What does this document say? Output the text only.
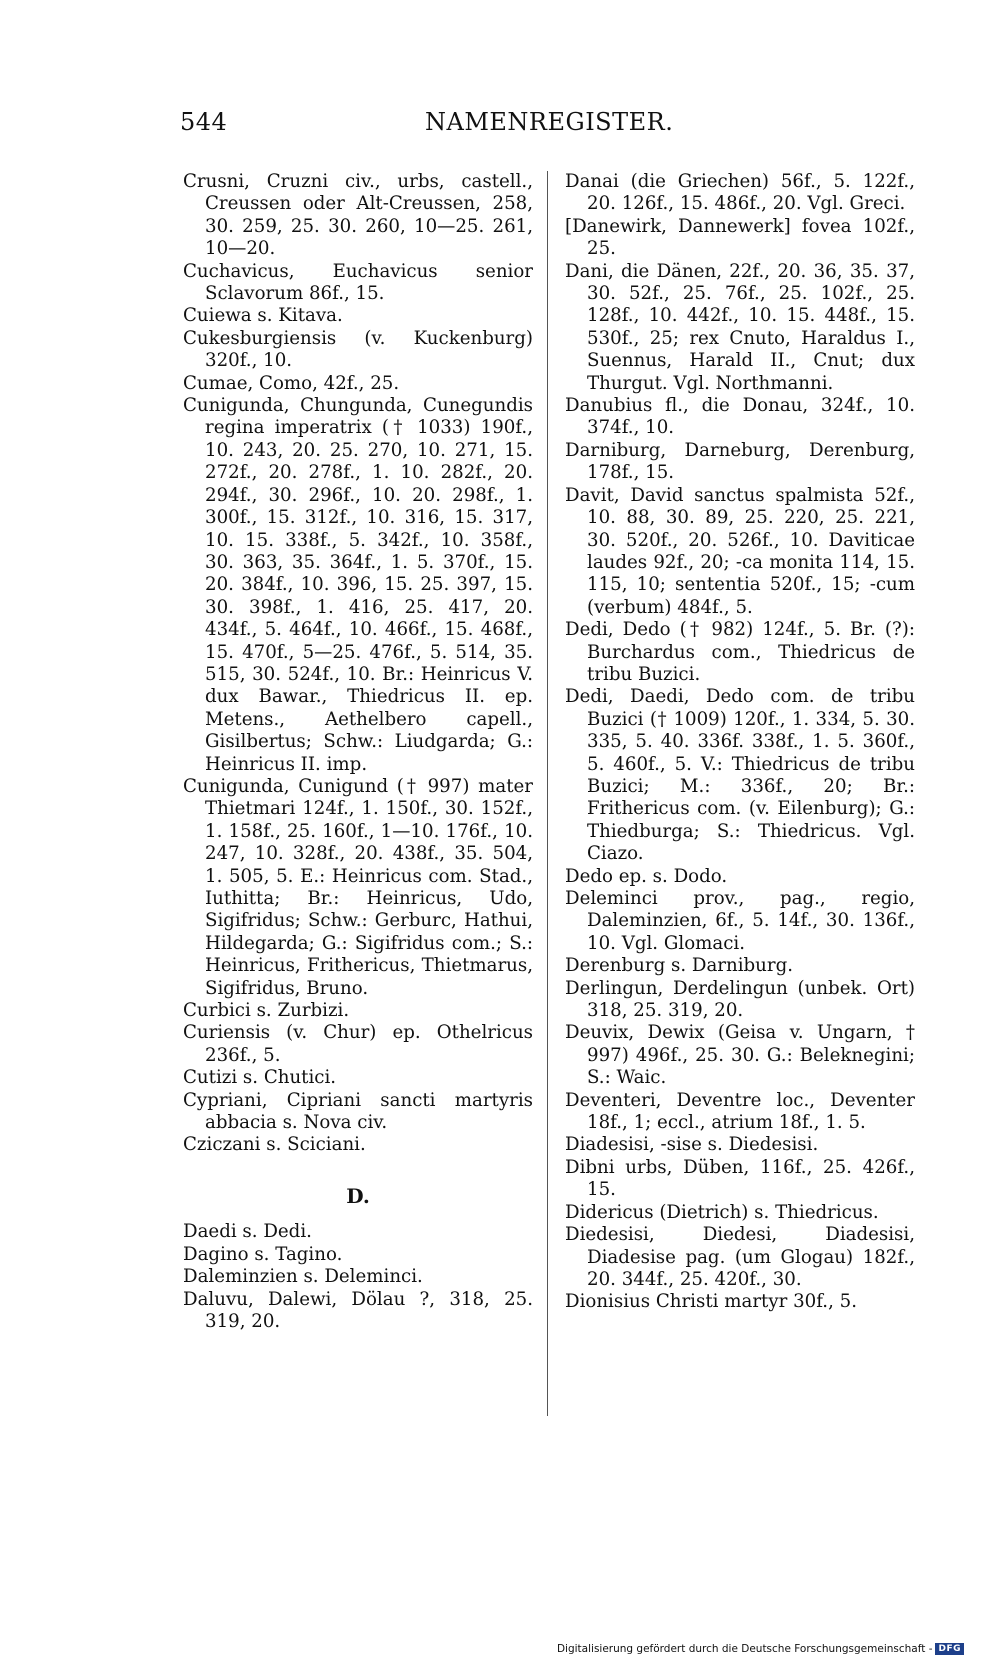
544	NAMENREGISTER.

Crusni, Cruzni civ., urbs, castell., Creussen oder Alt-Creussen, 258, 30. 259, 25. 30. 260, 10—25. 261, 10—20.

Cuchavicus, Euchavicus senior Sclavorum 86f., 15.

Cuiewa s. Kitava.

Cukesburgiensis (v. Kuckenburg) 320f., 10.

Cumae, Como, 42f., 25.

Cunigunda, Chungunda, Cunegundis regina imperatrix († 1033) 190f., 10. 243, 20. 25. 270, 10. 271, 15. 272f., 20. 278f., 1. 10. 282f., 20. 294f., 30. 296f., 10. 20. 298f., 1. 300f., 15. 312f., 10. 316, 15. 317, 10. 15. 338f., 5. 342f., 10. 358f., 30. 363, 35. 364f., 1. 5. 370f., 15. 20. 384f., 10. 396, 15. 25. 397, 15. 30. 398f., 1. 416, 25. 417, 20. 434f., 5. 464f., 10. 466f., 15. 468f., 15. 470f., 5—25. 476f., 5. 514, 35. 515, 30. 524f., 10. Br.: Heinricus V. dux Bawar., Thiedricus II. ep. Metens., Aethelbero capell., Gisilbertus; Schw.: Liudgarda; G.: Heinricus II. imp.

Cunigunda, Cunigund († 997) mater Thietmari 124f., 1. 150f., 30. 152f., 1. 158f., 25. 160f., 1—10. 176f., 10. 247, 10. 328f., 20. 438f., 35. 504, 1. 505, 5. E.: Heinricus com. Stad., Iuthitta; Br.: Heinricus, Udo, Sigifridus; Schw.: Gerburc, Hathui, Hildegarda; G.: Sigifridus com.; S.: Heinricus, Frithericus, Thietmarus, Sigifridus, Bruno.

Curbici s. Zurbizi.

Curiensis (v. Chur) ep. Othelricus 236f., 5.

Cutizi s. Chutici.

Cypriani, Cipriani sancti martyris abbacia s. Nova civ.

Cziczani s. Sciciani.

D.

Daedi s. Dedi.

Dagino s. Tagino.

Daleminzien s. Deleminci.

Daluvu, Dalewi, Dölau ?, 318, 25. 319, 20.

Danai (die Griechen) 56f., 5. 122f., 20. 126f., 15. 486f., 20. Vgl. Greci.

[Danewirk, Dannewerk] fovea 102f., 25.

Dani, die Dänen, 22f., 20. 36, 35. 37, 30. 52f., 25. 76f., 25. 102f., 25. 128f., 10. 442f., 10. 15. 448f., 15. 530f., 25; rex Cnuto, Haraldus I., Suennus, Harald II., Cnut; dux Thurgut. Vgl. Northmanni.

Danubius fl., die Donau, 324f., 10. 374f., 10.

Darniburg, Darneburg, Derenburg, 178f., 15.

Davit, David sanctus spalmista 52f., 10. 88, 30. 89, 25. 220, 25. 221, 30. 520f., 20. 526f., 10. Daviticae laudes 92f., 20; -ca monita 114, 15. 115, 10; sententia 520f., 15; -cum (verbum) 484f., 5.

Dedi, Dedo († 982) 124f., 5. Br. (?): Burchardus com., Thiedricus de tribu Buzici.

Dedi, Daedi, Dedo com. de tribu Buzici († 1009) 120f., 1. 334, 5. 30. 335, 5. 40. 336f. 338f., 1. 5. 360f., 5. 460f., 5. V.: Thiedricus de tribu Buzici; M.: 336f., 20; Br.: Frithericus com. (v. Eilenburg); G.: Thiedburga; S.: Thiedricus. Vgl. Ciazo.

Dedo ep. s. Dodo.

Deleminci prov., pag., regio, Daleminzien, 6f., 5. 14f., 30. 136f., 10. Vgl. Glomaci.

Derenburg s. Darniburg.

Derlingun, Derdelingun (unbek. Ort) 318, 25. 319, 20.

Deuvix, Dewix (Geisa v. Ungarn, † 997) 496f., 25. 30. G.: Beleknegini; S.: Waic.

Deventeri, Deventre loc., Deventer 18f., 1; eccl., atrium 18f., 1. 5.

Diadesisi, -sise s. Diedesisi.

Dibni urbs, Düben, 116f., 25. 426f., 15.

Didericus (Dietrich) s. Thiedricus.

Diedesisi, Diedesi, Diadesisi, Diadesise pag. (um Glogau) 182f., 20. 344f., 25. 420f., 30.

Dionisius Christi martyr 30f., 5.

Digitalisierung gefördert durch die Deutsche Forschungsgemeinschaft - DFG
